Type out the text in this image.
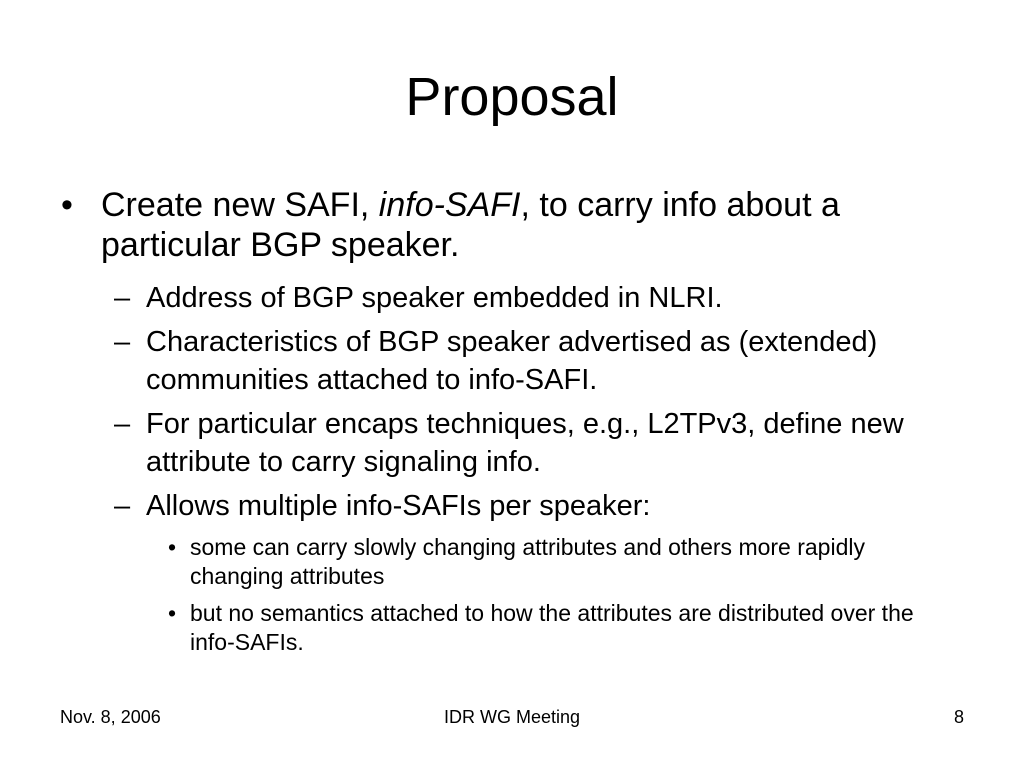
Proposal
• Create new SAFI, info-SAFI, to carry info about a particular BGP speaker.
– Address of BGP speaker embedded in NLRI.
– Characteristics of BGP speaker advertised as (extended) communities attached to info-SAFI.
– For particular encaps techniques, e.g., L2TPv3, define new attribute to carry signaling info.
– Allows multiple info-SAFIs per speaker:
• some can carry slowly changing attributes and others more rapidly changing attributes
• but no semantics attached to how the attributes are distributed over the info-SAFIs.
Nov. 8, 2006	IDR WG Meeting	8
